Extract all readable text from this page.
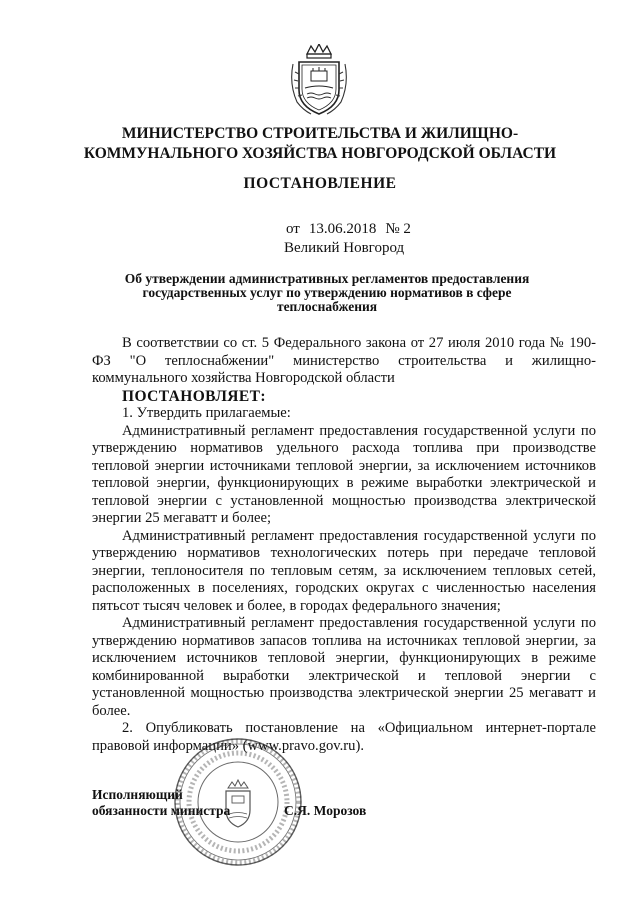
МИНИСТЕРСТВО СТРОИТЕЛЬСТВА И ЖИЛИЩНО-
КОММУНАЛЬНОГО ХОЗЯЙСТВА НОВГОРОДСКОЙ ОБЛАСТИ
ПОСТАНОВЛЕНИЕ
от 13.06.2018 № 2
Великий Новгород
Об утверждении административных регламентов предоставления
государственных услуг по утверждению нормативов в сфере
теплоснабжения

В соответствии со ст. 5 Федерального закона от 27 июля 2010 года № 190-ФЗ "О теплоснабжении" министерство строительства и жилищно-коммунального хозяйства Новгородской области

ПОСТАНОВЛЯЕТ:

1. Утвердить прилагаемые:

Административный регламент предоставления государственной услуги по утверждению нормативов удельного расхода топлива при производстве тепловой энергии источниками тепловой энергии, за исключением источников тепловой энергии, функционирующих в режиме выработки электрической и тепловой энергии с установленной мощностью производства электрической энергии 25 мегаватт и более;

Административный регламент предоставления государственной услуги по утверждению нормативов технологических потерь при передаче тепловой энергии, теплоносителя по тепловым сетям, за исключением тепловых сетей, расположенных в поселениях, городских округах с численностью населения пятьсот тысяч человек и более, в городах федерального значения;

Административный регламент предоставления государственной услуги по утверждению нормативов запасов топлива на источниках тепловой энергии, за исключением источников тепловой энергии, функционирующих в режиме комбинированной выработки электрической и тепловой энергии с установленной мощностью производства электрической энергии 25 мегаватт и более.

2. Опубликовать постановление на «Официальном интернет-портале правовой информации» (www.pravo.gov.ru).

Исполняющий
обязанности министра	С.Я. Морозов
